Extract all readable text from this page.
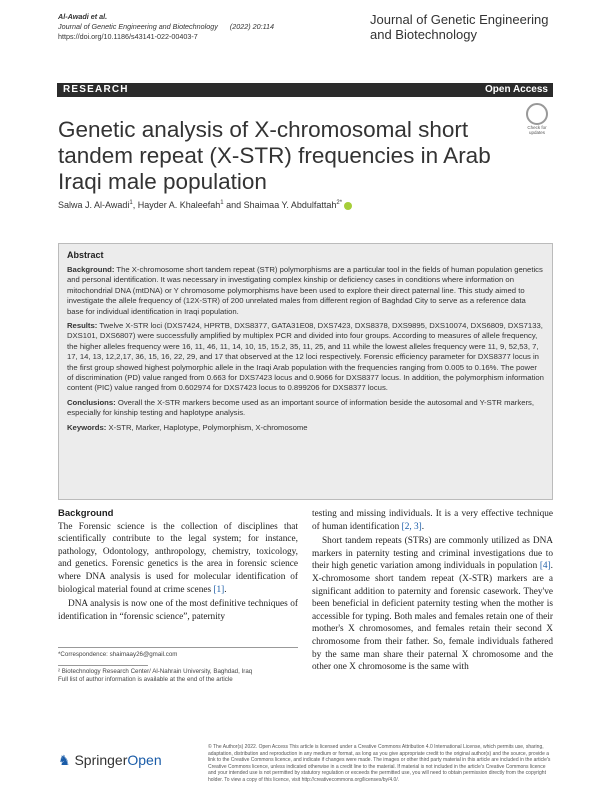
Al-Awadi et al.
Journal of Genetic Engineering and Biotechnology (2022) 20:114
https://doi.org/10.1186/s43141-022-00403-7
Journal of Genetic Engineering
and Biotechnology
RESEARCH	Open Access
Check for updates
Genetic analysis of X-chromosomal short tandem repeat (X-STR) frequencies in Arab Iraqi male population
Salwa J. Al-Awadi$^1$, Hayder A. Khaleefah$^1$ and Shaimaa Y. Abdulfattah$^{2*}$
Abstract

Background: The X-chromosome short tandem repeat (STR) polymorphisms are a particular tool in the fields of human population genetics and personal identification. It was necessary in investigating complex kinship or deficiency cases in conditions where information on mitochondrial DNA (mtDNA) or Y chromosome polymorphisms have been used to explore their direct paternal line. This study aimed to investigate the allele frequency of (12X-STR) of 200 unrelated males from different region of Baghdad City to serve as a reference data base for individual identification in Iraqi population.

Results: Twelve X-STR loci (DXS7424, HPRTB, DXS8377, GATA31E08, DXS7423, DXS8378, DXS9895, DXS10074, DXS6809, DXS7133, DXS101, DXS6807) were successfully amplified by multiplex PCR and divided into four groups. According to measures of allele frequency, the higher alleles frequency were 16, 11, 46, 11, 14, 10, 15, 15.2, 35, 11, 25, and 11 while the lowest alleles frequency were 11, 9, 52,53, 7, 17, 14, 13, 12,2,17, 36, 15, 16, 22, 29, and 17 that observed at the 12 loci respectively. Forensic efficiency parameter for DXS8377 locus in the first group showed highest polymorphic allele in the Iraqi Arab population with the frequencies ranging from 0.005 to 0.16%. The power of discrimination (PD) value ranged from 0.663 for DXS7423 locus and 0.9066 for DXS8377 locus. In addition, the polymorphism information content (PIC) value ranged from 0.602974 for DXS7423 locus to 0.899206 for DXS8377 locus.

Conclusions: Overall the X-STR markers become used as an important source of information beside the autosomal and Y-STR markers, especially for kinship testing and haplotype analysis.

Keywords: X-STR, Marker, Haplotype, Polymorphism, X-chromosome

Background

The Forensic science is the collection of disciplines that scientifically contribute to the legal system; for instance, pathology, Odontology, anthropology, chemistry, toxicology, and genetics. Forensic genetics is the area in forensic science where DNA analysis is used for molecular identification of biological material found at crime scenes [1].

DNA analysis is now one of the most definitive techniques of identification in “forensic science”, paternity

testing and missing individuals. It is a very effective technique of human identification [2, 3].

Short tandem repeats (STRs) are commonly utilized as DNA markers in paternity testing and criminal investigations due to their high genetic variation among individuals in population [4]. X-chromosome short tandem repeat (X-STR) markers are a significant addition to paternity and forensic casework. They've been beneficial in deficient paternity testing when the mother is accessible for typing. Both males and females retain one of their mother's X chromosomes, and females retain their second X chromosome from their father. So, female individuals fathered by the same man share their paternal X chromosome and the other one X chromosome is the same with

*Correspondence: shaimaay26@gmail.com
² Biotechnology Research Center/ Al-Nahrain University, Baghdad, Iraq
Full list of author information is available at the end of the article
♞ SpringerOpen
© The Author(s) 2022. Open Access This article is licensed under a Creative Commons Attribution 4.0 International License, which permits use, sharing, adaptation, distribution and reproduction in any medium or format, as long as you give appropriate credit to the original author(s) and the source, provide a link to the Creative Commons licence, and indicate if changes were made. The images or other third party material in this article are included in the article's Creative Commons licence, unless indicated otherwise in a credit line to the material. If material is not included in the article's Creative Commons licence and your intended use is not permitted by statutory regulation or exceeds the permitted use, you will need to obtain permission directly from the copyright holder. To view a copy of this licence, visit http://creativecommons.org/licenses/by/4.0/.
